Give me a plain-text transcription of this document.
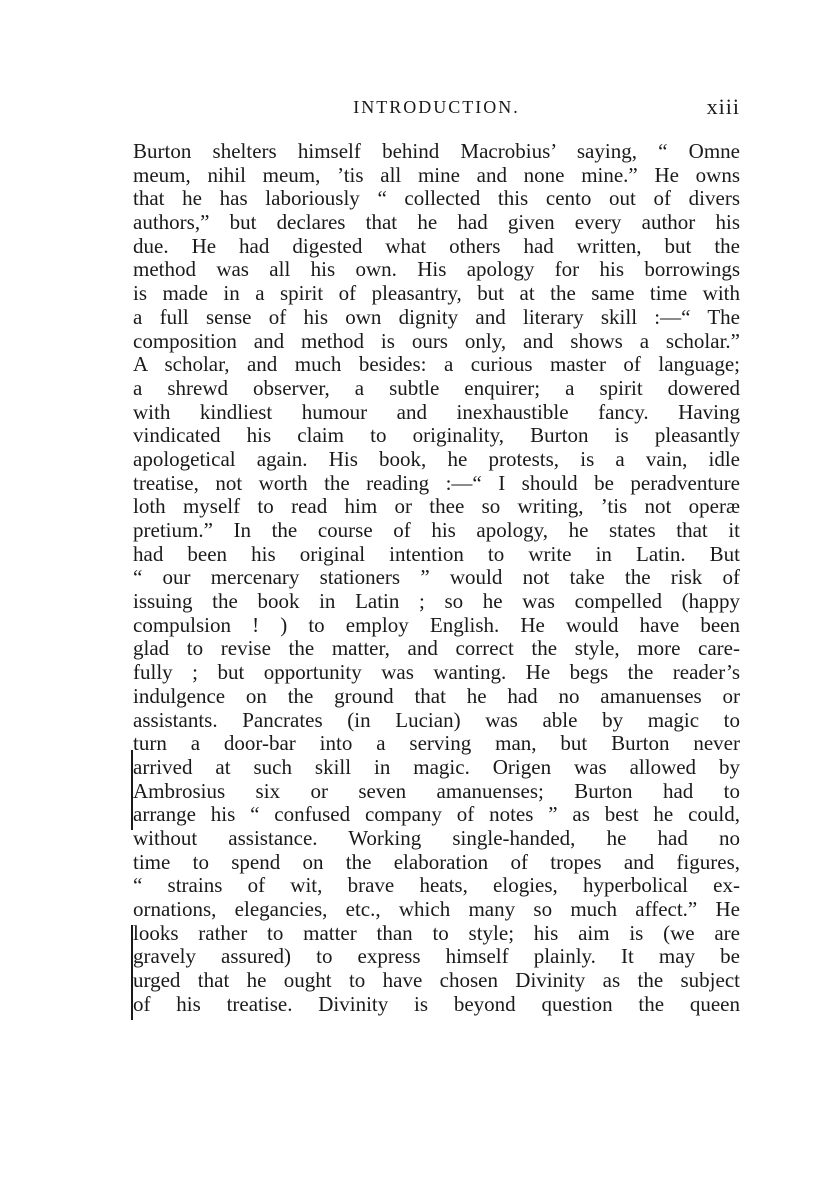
INTRODUCTION.	xiii
Burton shelters himself behind Macrobius’ saying, “ Omne
meum, nihil meum, ’tis all mine and none mine.” He owns
that he has laboriously “ collected this cento out of divers
authors,” but declares that he had given every author his
due. He had digested what others had written, but the
method was all his own. His apology for his borrowings
is made in a spirit of pleasantry, but at the same time with
a full sense of his own dignity and literary skill :—“ The
composition and method is ours only, and shows a scholar.”
A scholar, and much besides: a curious master of language;
a shrewd observer, a subtle enquirer; a spirit dowered
with kindliest humour and inexhaustible fancy. Having
vindicated his claim to originality, Burton is pleasantly
apologetical again. His book, he protests, is a vain, idle
treatise, not worth the reading :—“ I should be peradventure
loth myself to read him or thee so writing, ’tis not operæ
pretium.” In the course of his apology, he states that it
had been his original intention to write in Latin. But
“ our mercenary stationers ” would not take the risk of
issuing the book in Latin ; so he was compelled (happy
compulsion ! ) to employ English. He would have been
glad to revise the matter, and correct the style, more care-
fully ; but opportunity was wanting. He begs the reader’s
indulgence on the ground that he had no amanuenses or
assistants. Pancrates (in Lucian) was able by magic to
turn a door-bar into a serving man, but Burton never
arrived at such skill in magic. Origen was allowed by
Ambrosius six or seven amanuenses; Burton had to
arrange his “ confused company of notes ” as best he could,
without assistance. Working single-handed, he had no
time to spend on the elaboration of tropes and figures,
“ strains of wit, brave heats, elogies, hyperbolical ex-
ornations, elegancies, etc., which many so much affect.” He
looks rather to matter than to style; his aim is (we are
gravely assured) to express himself plainly. It may be
urged that he ought to have chosen Divinity as the subject
of his treatise. Divinity is beyond question the queen
